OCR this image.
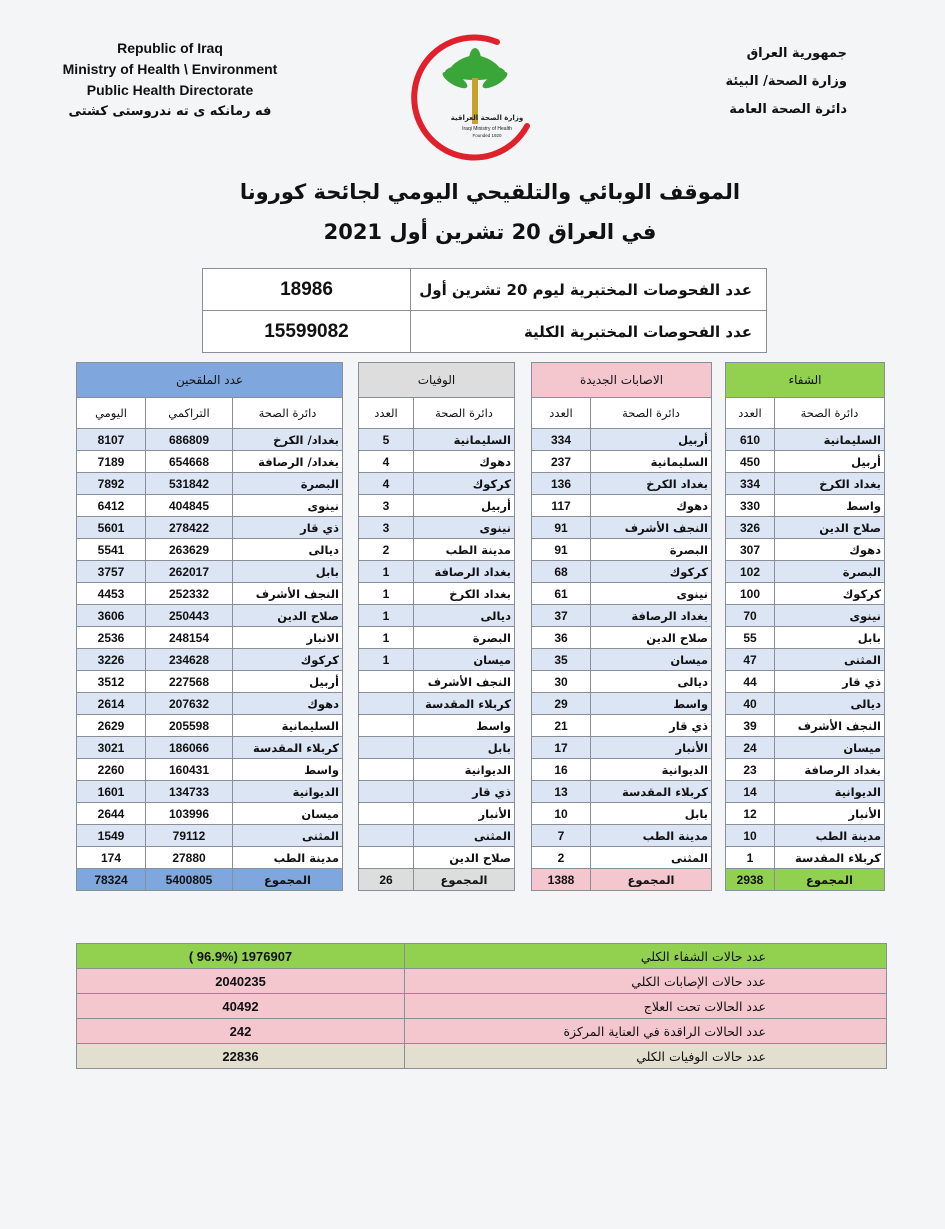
Republic of Iraq
Ministry of Health \ Environment
Public Health Directorate
فه رمانكه ى ته ندروستى كشتى	وزارة الصحة العراقية
Iraqi Ministry of Health
Founded 1920
جمهورية العراق
وزارة الصحة/ البيئة
دائرة الصحة العامة
الموقف الوبائي والتلقيحي اليومي لجائحة كورونا
في العراق 20 تشرين أول 2021
18986	عدد الفحوصات المختبرية ليوم 20 تشرين أول
15599082	عدد الفحوصات المختبرية الكلية
الشفاء	
العدد	دائرة الصحة
610	السليمانية
450	أربيل
334	بغداد الكرخ
330	واسط
326	صلاح الدين
307	دهوك
102	البصرة
100	كركوك
70	نينوى
55	بابل
47	المثنى
44	ذي قار
40	ديالى
39	النجف الأشرف
24	ميسان
23	بغداد الرصافة
14	الديوانية
12	الأنبار
10	مدينة الطب
1	كربلاء المقدسة
2938	المجموع
الاصابات الجديدة	
العدد	دائرة الصحة
334	أربيل
237	السليمانية
136	بغداد الكرخ
117	دهوك
91	النجف الأشرف
91	البصرة
68	كركوك
61	نينوى
37	بغداد الرصافة
36	صلاح الدين
35	ميسان
30	ديالى
29	واسط
21	ذي قار
17	الأنبار
16	الديوانية
13	كربلاء المقدسة
10	بابل
7	مدينة الطب
2	المثنى
1388	المجموع
الوفيات	
العدد	دائرة الصحة
5	السليمانية
4	دهوك
4	كركوك
3	أربيل
3	نينوى
2	مدينة الطب
1	بغداد الرصافة
1	بغداد الكرخ
1	ديالى
1	البصرة
1	ميسان
	النجف الأشرف
	كربلاء المقدسة
	واسط
	بابل
	الديوانية
	ذي قار
	الأنبار
	المثنى
	صلاح الدين
26	المجموع
عدد الملقحين		
اليومي	التراكمي	دائرة الصحة
8107	686809	بغداد/ الكرخ
7189	654668	بغداد/ الرصافة
7892	531842	البصرة
6412	404845	نينوى
5601	278422	ذي قار
5541	263629	ديالى
3757	262017	بابل
4453	252332	النجف الأشرف
3606	250443	صلاح الدين
2536	248154	الانبار
3226	234628	كركوك
3512	227568	أربيل
2614	207632	دهوك
2629	205598	السليمانية
3021	186066	كربلاء المقدسة
2260	160431	واسط
1601	134733	الديوانية
2644	103996	ميسان
1549	79112	المثنى
174	27880	مدينة الطب
78324	5400805	المجموع
( 96.9%) 1976907	عدد حالات الشفاء الكلي
2040235	عدد حالات الإصابات الكلي
40492	عدد الحالات تحت العلاج
242	عدد الحالات الراقدة في العناية المركزة
22836	عدد حالات الوفيات الكلي
